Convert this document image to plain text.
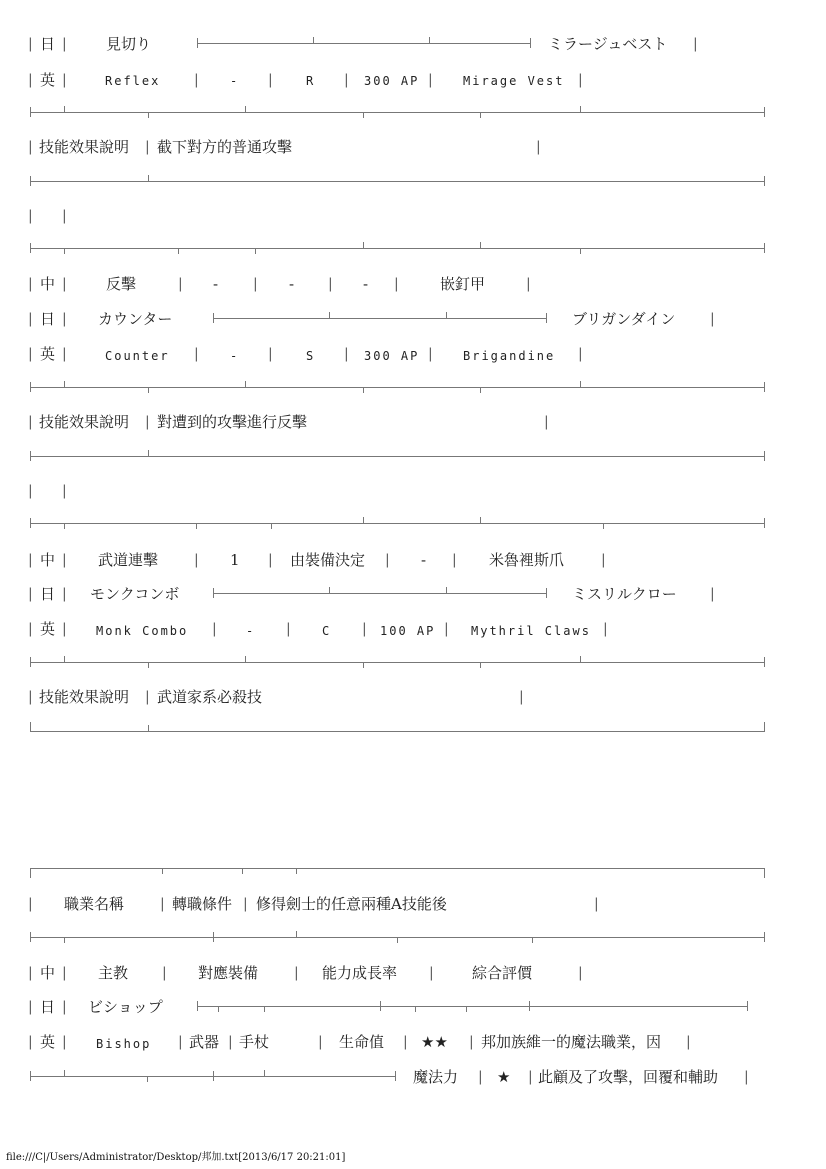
| 日 |	見切り	ミラージュベスト |
| 英 |	Reflex |	- |	R | 300 AP |	Mirage Vest |
| 技能效果說明 | 截下對方的普通攻擊	|
| |
| 中 |	反擊	| - | - | - |	嵌釘甲	|
| 日 | カウンター	ブリガンダイン |
| 英 |	Counter |	- |	S | 300 AP |	Brigandine |
| 技能效果說明 | 對遭到的攻擊進行反擊	|
| |
| 中 | 武道連擊	| 1 | 由裝備決定 | - | 米魯裡斯爪	|
| 日 | モンクコンボ	ミスリルクロー |
| 英 | Monk Combo | - |	C | 100 AP | Mythril Claws |
| 技能效果說明 | 武道家系必殺技	|
| 職業名稱	| 轉職條件 | 修得劍士的任意兩種A技能後	|
| 中 | 主教 | 對應裝備	| 能力成長率 |	綜合評價	|
| 日 | ビショップ
| 英 | Bishop | 武器 | 手杖	| 生命值 | ★★ | 邦加族維一的魔法職業，因 |
魔法力 | ★ | 此顧及了攻擊，回覆和輔助 |
file:///C|/Users/Administrator/Desktop/邦加.txt[2013/6/17 20:21:01]
